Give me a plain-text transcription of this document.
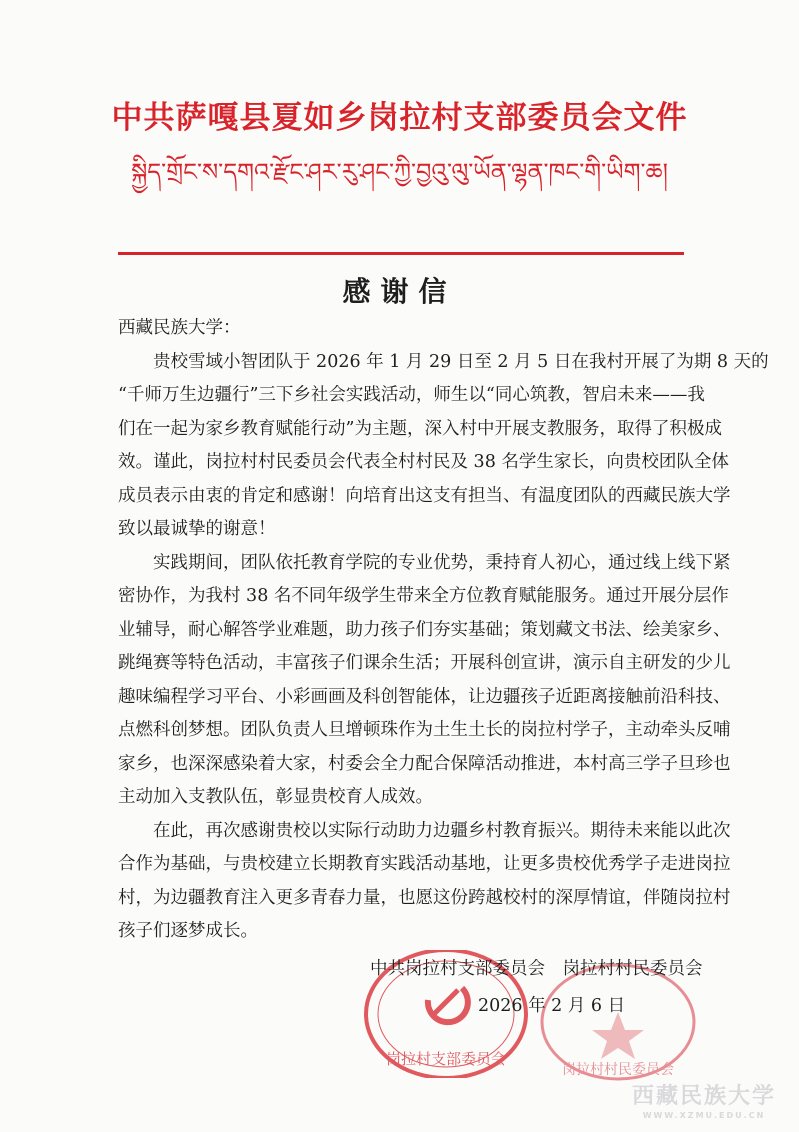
中共萨嘎县夏如乡岗拉村支部委员会文件
སྐྱིད་གྲོང་ས་དགའ་རྫོང་ཤར་རུ་ཤང་ཀྱི་བྱའུ་ལུ་ཡོན་ལྷན་ཁང་གི་ཡིག་ཆ།
感谢信
西藏民族大学：
贵校雪域小智团队于 2026 年 1 月 29 日至 2 月 5 日在我村开展了为期 8 天的
“千师万生边疆行”三下乡社会实践活动，师生以“同心筑教，智启未来——我
们在一起为家乡教育赋能行动”为主题，深入村中开展支教服务，取得了积极成
效。谨此，岗拉村村民委员会代表全村村民及 38 名学生家长，向贵校团队全体
成员表示由衷的肯定和感谢！向培育出这支有担当、有温度团队的西藏民族大学
致以最诚挚的谢意！
实践期间，团队依托教育学院的专业优势，秉持育人初心，通过线上线下紧
密协作，为我村 38 名不同年级学生带来全方位教育赋能服务。通过开展分层作
业辅导，耐心解答学业难题，助力孩子们夯实基础；策划藏文书法、绘美家乡、
跳绳赛等特色活动，丰富孩子们课余生活；开展科创宣讲，演示自主研发的少儿
趣味编程学习平台、小彩画画及科创智能体，让边疆孩子近距离接触前沿科技、
点燃科创梦想。团队负责人旦增顿珠作为土生土长的岗拉村学子，主动牵头反哺
家乡，也深深感染着大家，村委会全力配合保障活动推进，本村高三学子旦珍也
主动加入支教队伍，彰显贵校育人成效。
在此，再次感谢贵校以实际行动助力边疆乡村教育振兴。期待未来能以此次
合作为基础，与贵校建立长期教育实践活动基地，让更多贵校优秀学子走进岗拉
村，为边疆教育注入更多青春力量，也愿这份跨越校村的深厚情谊，伴随岗拉村
孩子们逐梦成长。
岗拉村支部委员会
岗拉村村民委员会
中共岗拉村支部委员会　岗拉村村民委员会
2026 年 2 月 6 日
西藏民族大学
WWW.XZMU.EDU.CN
